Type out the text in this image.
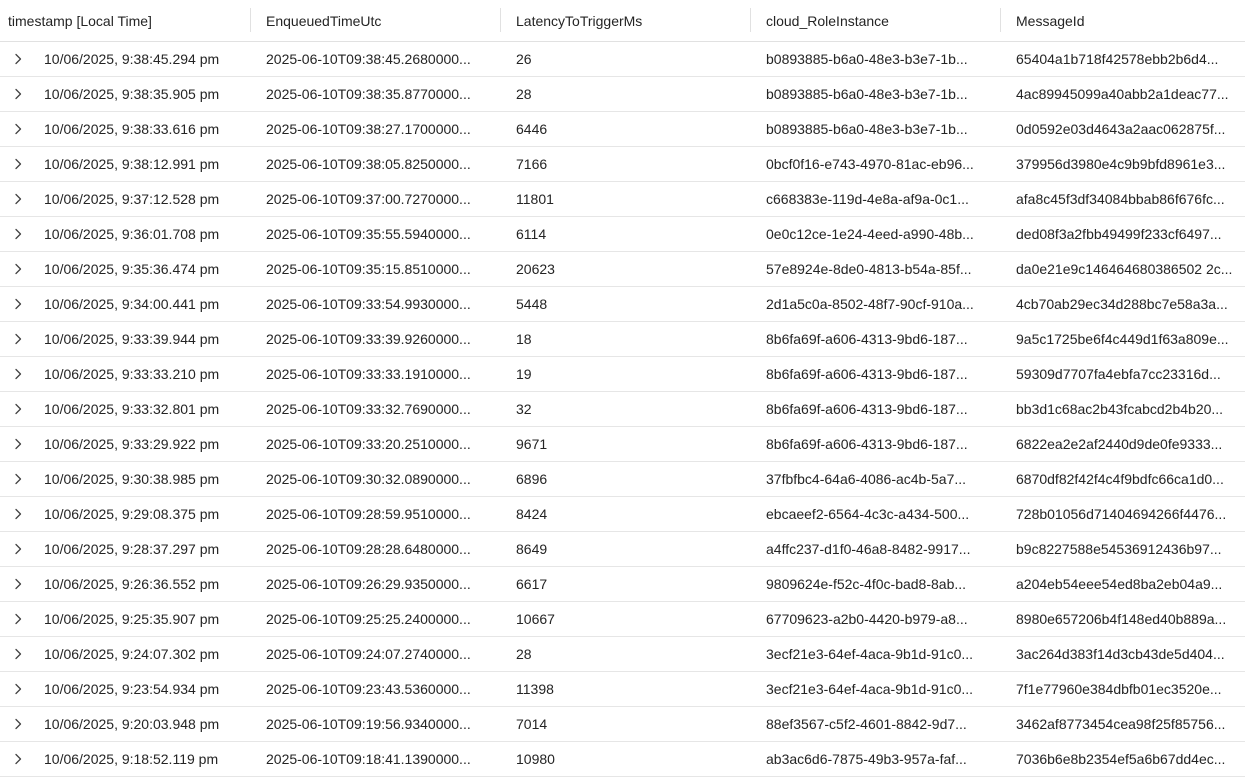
timestamp [Local Time]	EnqueuedTimeUtc	LatencyToTriggerMs	cloud_RoleInstance	MessageId
10/06/2025, 9:38:45.294 pm	2025-06-10T09:38:45.2680000...	26	b0893885-b6a0-48e3-b3e7-1b...	65404a1b718f42578ebb2b6d4...
10/06/2025, 9:38:35.905 pm	2025-06-10T09:38:35.8770000...	28	b0893885-b6a0-48e3-b3e7-1b...	4ac89945099a40abb2a1deac77...
10/06/2025, 9:38:33.616 pm	2025-06-10T09:38:27.1700000...	6446	b0893885-b6a0-48e3-b3e7-1b...	0d0592e03d4643a2aac062875f...
10/06/2025, 9:38:12.991 pm	2025-06-10T09:38:05.8250000...	7166	0bcf0f16-e743-4970-81ac-eb96...	379956d3980e4c9b9bfd8961e3...
10/06/2025, 9:37:12.528 pm	2025-06-10T09:37:00.7270000...	11801	c668383e-119d-4e8a-af9a-0c1...	afa8c45f3df34084bbab86f676fc...
10/06/2025, 9:36:01.708 pm	2025-06-10T09:35:55.5940000...	6114	0e0c12ce-1e24-4eed-a990-48b...	ded08f3a2fbb49499f233cf6497...
10/06/2025, 9:35:36.474 pm	2025-06-10T09:35:15.8510000...	20623	57e8924e-8de0-4813-b54a-85f...	da0e21e9c146464680386502 2c...
10/06/2025, 9:34:00.441 pm	2025-06-10T09:33:54.9930000...	5448	2d1a5c0a-8502-48f7-90cf-910a...	4cb70ab29ec34d288bc7e58a3a...
10/06/2025, 9:33:39.944 pm	2025-06-10T09:33:39.9260000...	18	8b6fa69f-a606-4313-9bd6-187...	9a5c1725be6f4c449d1f63a809e...
10/06/2025, 9:33:33.210 pm	2025-06-10T09:33:33.1910000...	19	8b6fa69f-a606-4313-9bd6-187...	59309d7707fa4ebfa7cc23316d...
10/06/2025, 9:33:32.801 pm	2025-06-10T09:33:32.7690000...	32	8b6fa69f-a606-4313-9bd6-187...	bb3d1c68ac2b43fcabcd2b4b20...
10/06/2025, 9:33:29.922 pm	2025-06-10T09:33:20.2510000...	9671	8b6fa69f-a606-4313-9bd6-187...	6822ea2e2af2440d9de0fe9333...
10/06/2025, 9:30:38.985 pm	2025-06-10T09:30:32.0890000...	6896	37fbfbc4-64a6-4086-ac4b-5a7...	6870df82f42f4c4f9bdfc66ca1d0...
10/06/2025, 9:29:08.375 pm	2025-06-10T09:28:59.9510000...	8424	ebcaeef2-6564-4c3c-a434-500...	728b01056d71404694266f4476...
10/06/2025, 9:28:37.297 pm	2025-06-10T09:28:28.6480000...	8649	a4ffc237-d1f0-46a8-8482-9917...	b9c8227588e54536912436b97...
10/06/2025, 9:26:36.552 pm	2025-06-10T09:26:29.9350000...	6617	9809624e-f52c-4f0c-bad8-8ab...	a204eb54eee54ed8ba2eb04a9...
10/06/2025, 9:25:35.907 pm	2025-06-10T09:25:25.2400000...	10667	67709623-a2b0-4420-b979-a8...	8980e657206b4f148ed40b889a...
10/06/2025, 9:24:07.302 pm	2025-06-10T09:24:07.2740000...	28	3ecf21e3-64ef-4aca-9b1d-91c0...	3ac264d383f14d3cb43de5d404...
10/06/2025, 9:23:54.934 pm	2025-06-10T09:23:43.5360000...	11398	3ecf21e3-64ef-4aca-9b1d-91c0...	7f1e77960e384dbfb01ec3520e...
10/06/2025, 9:20:03.948 pm	2025-06-10T09:19:56.9340000...	7014	88ef3567-c5f2-4601-8842-9d7...	3462af8773454cea98f25f85756...
10/06/2025, 9:18:52.119 pm	2025-06-10T09:18:41.1390000...	10980	ab3ac6d6-7875-49b3-957a-faf...	7036b6e8b2354ef5a6b67dd4ec...
